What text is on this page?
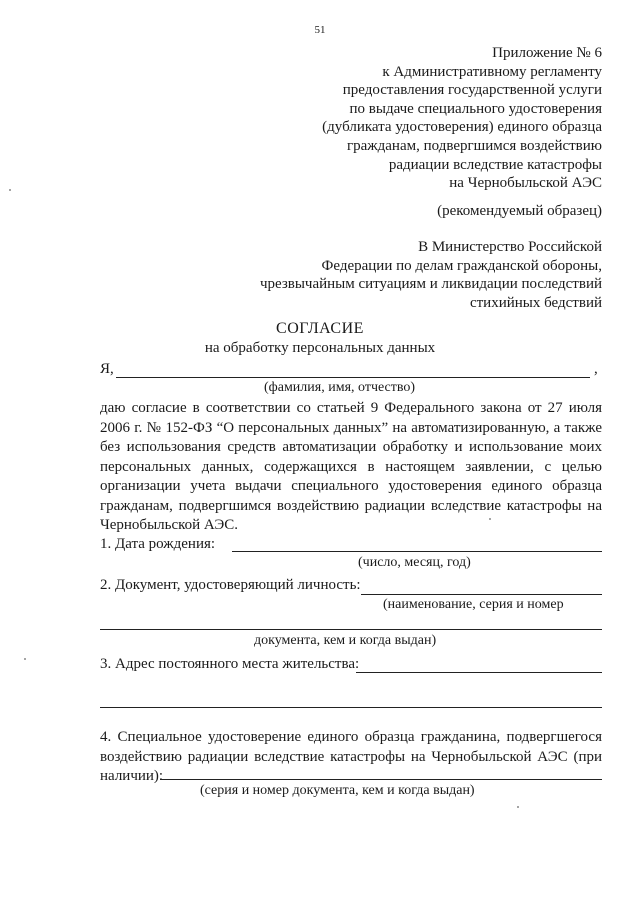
51
Приложение № 6
к Административному регламенту
предоставления государственной услуги
по выдаче специального удостоверения
(дубликата удостоверения) единого образца
гражданам, подвергшимся воздействию
радиации вследствие катастрофы
на Чернобыльской АЭС
(рекомендуемый образец)
В Министерство Российской
Федерации по делам гражданской обороны,
чрезвычайным ситуациям и ликвидации последствий
стихийных бедствий
СОГЛАСИЕ
на обработку персональных данных
Я,	,
(фамилия, имя, отчество)
даю согласие в соответствии со статьей 9 Федерального закона от 27 июля 2006 г. № 152-ФЗ “О персональных данных” на автоматизированную, а также без использования средств автоматизации обработку и использование моих персональных данных, содержащихся в настоящем заявлении, с целью организации учета выдачи специального удостоверения единого образца гражданам, подвергшимся воздействию радиации вследствие катастрофы на Чернобыльской АЭС.
1. Дата рождения:
(число, месяц, год)
2. Документ, удостоверяющий личность:
(наименование, серия и номер
документа, кем и когда выдан)
3. Адрес постоянного места жительства:
4. Специальное удостоверение единого образца гражданина, подвергшегося воздействию радиации вследствие катастрофы на Чернобыльской АЭС (при наличии):
(серия и номер документа, кем и когда выдан)
